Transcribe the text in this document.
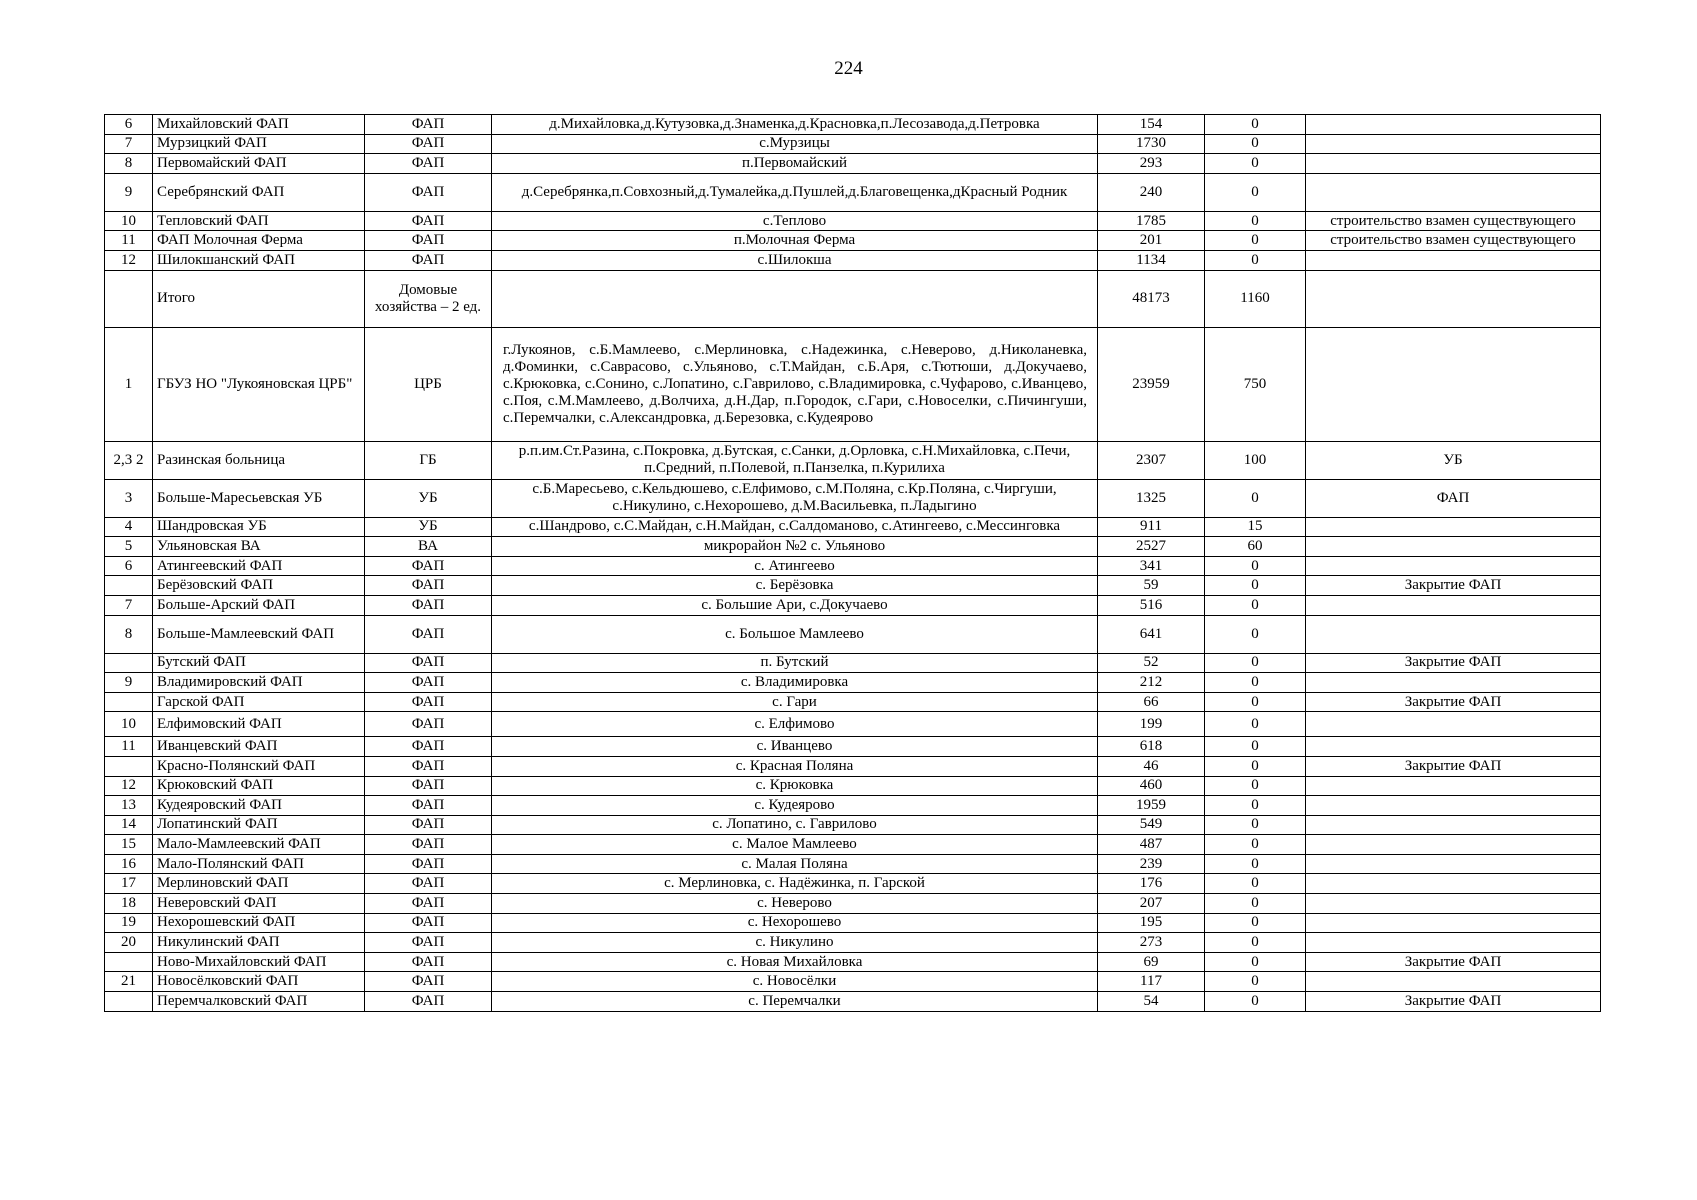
224
6	Михайловский ФАП	ФАП	д.Михайловка,д.Кутузовка,д.Знаменка,д.Красновка,п.Лесозавода,д.Петровка	154	0	
7	Мурзицкий ФАП	ФАП	с.Мурзицы	1730	0	
8	Первомайский ФАП	ФАП	п.Первомайский	293	0	
9	Серебрянский ФАП	ФАП	д.Серебрянка,п.Совхозный,д.Тумалейка,д.Пушлей,д.Благовещенка,дКрасный Родник	240	0	
10	Тепловский ФАП	ФАП	с.Теплово	1785	0	строительство взамен существующего
11	ФАП Молочная Ферма	ФАП	п.Молочная Ферма	201	0	строительство взамен существующего
12	Шилокшанский ФАП	ФАП	с.Шилокша	1134	0	
	Итого	Домовые хозяйства – 2 ед.		48173	1160	
1	ГБУЗ НО "Лукояновская ЦРБ"	ЦРБ	г.Лукоянов, с.Б.Мамлеево, с.Мерлиновка, с.Надежинка, с.Неверово, д.Николаневка, д.Фоминки, с.Саврасово, с.Ульяново, с.Т.Майдан, с.Б.Аря, с.Тютюши, д.Докучаево, с.Крюковка, с.Сонино, с.Лопатино, с.Гаврилово, с.Владимировка, с.Чуфарово, с.Иванцево, с.Поя, с.М.Мамлеево, д.Волчиха, д.Н.Дар, п.Городок, с.Гари, с.Новоселки, с.Пичингуши, с.Перемчалки, с.Александровка, д.Березовка, с.Кудеярово	23959	750	
2,3 2	Разинская больница	ГБ	р.п.им.Ст.Разина, с.Покровка, д.Бутская, с.Санки, д.Орловка, с.Н.Михайловка, с.Печи, п.Средний, п.Полевой, п.Панзелка, п.Курилиха	2307	100	УБ
3	Больше-Маресьевская УБ	УБ	с.Б.Маресьево, с.Кельдюшево, с.Елфимово, с.М.Поляна, с.Кр.Поляна, с.Чиргуши, с.Никулино, с.Нехорошево, д.М.Васильевка, п.Ладыгино	1325	0	ФАП
4	Шандровская УБ	УБ	с.Шандрово, с.С.Майдан, с.Н.Майдан, с.Салдоманово, с.Атингеево, с.Мессинговка	911	15	
5	Ульяновская ВА	ВА	микрорайон №2 с. Ульяново	2527	60	
6	Атингеевский ФАП	ФАП	с. Атингеево	341	0	
	Берёзовский ФАП	ФАП	с. Берёзовка	59	0	Закрытие ФАП
7	Больше-Арский ФАП	ФАП	с. Большие Ари, с.Докучаево	516	0	
8	Больше-Мамлеевский ФАП	ФАП	с. Большое Мамлеево	641	0	
	Бутский ФАП	ФАП	п. Бутский	52	0	Закрытие ФАП
9	Владимировский ФАП	ФАП	с. Владимировка	212	0	
	Гарской ФАП	ФАП	с. Гари	66	0	Закрытие ФАП
10	Елфимовский ФАП	ФАП	с. Елфимово	199	0	
11	Иванцевский ФАП	ФАП	с. Иванцево	618	0	
	Красно-Полянский ФАП	ФАП	с. Красная Поляна	46	0	Закрытие ФАП
12	Крюковский ФАП	ФАП	с. Крюковка	460	0	
13	Кудеяровский ФАП	ФАП	с. Кудеярово	1959	0	
14	Лопатинский ФАП	ФАП	с. Лопатино, с. Гаврилово	549	0	
15	Мало-Мамлеевский ФАП	ФАП	с. Малое Мамлеево	487	0	
16	Мало-Полянский ФАП	ФАП	с. Малая Поляна	239	0	
17	Мерлиновский ФАП	ФАП	с. Мерлиновка, с. Надёжинка, п. Гарской	176	0	
18	Неверовский ФАП	ФАП	с. Неверово	207	0	
19	Нехорошевский ФАП	ФАП	с. Нехорошево	195	0	
20	Никулинский ФАП	ФАП	с. Никулино	273	0	
	Ново-Михайловский ФАП	ФАП	с. Новая Михайловка	69	0	Закрытие ФАП
21	Новосёлковский ФАП	ФАП	с. Новосёлки	117	0	
	Перемчалковский ФАП	ФАП	с. Перемчалки	54	0	Закрытие ФАП
